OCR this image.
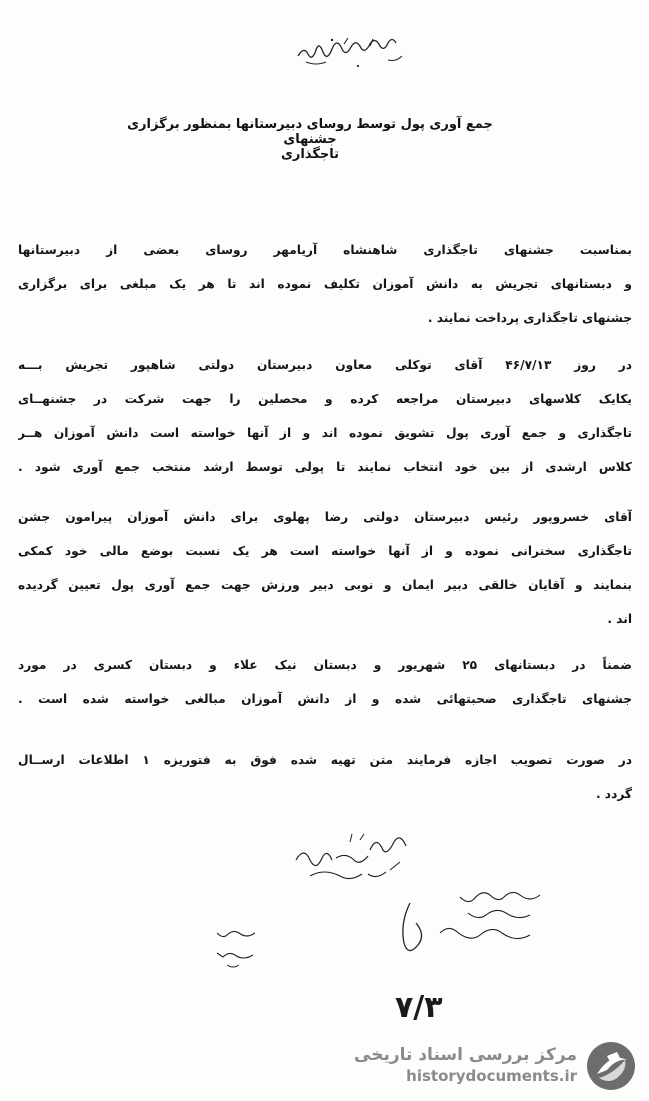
جمع آوری پول توسط روسای دبیرستانها بمنظور برگزاری جشنهای
تاجگذاری
بمناسبت جشنهای تاجگذاری شاهنشاه آریامهر روسای بعضی از دبیرستانها
و دبستانهای تجریش به دانش آموزان تکلیف نموده اند تا هر یک مبلغی برای برگزاری
جشنهای تاجگذاری پرداخت نمایند .
در روز ۴۶/۷/۱۳ آقای توکلی معاون دبیرستان دولتی شاهپور تجریش بـــه
یکایک کلاسهای دبیرستان مراجعه کرده و محصلین را جهت شرکت در جشنهــای
تاجگذاری و جمع آوری پول تشویق نموده اند و از آنها خواسته است دانش آموزان هــر
کلاس ارشدی از بین خود انتخاب نمایند تا پولی توسط ارشد منتخب جمع آوری شود .
آقای خسروپور رئیس دبیرستان دولتی رضا پهلوی برای دانش آموزان پیرامون جشن
تاجگذاری سخنرانی نموده و از آنها خواسته است هر یک نسبت بوضع مالی خود کمکی
بنمایند و آقایان خالقی دبیر ایمان و نوبی دبیر ورزش جهت جمع آوری پول تعیین گردیده
اند .
ضمناً در دبستانهای ۲۵ شهریور و دبستان نیک علاء و دبستان کسری در مورد
جشنهای تاجگذاری صحبتهائی شده و از دانش آموزان مبالغی خواسته شده است .
در صورت تصویب اجازه فرمایند متن تهیه شده فوق به فتوریزه ۱ اطلاعات ارســال
گردد .
۷/۳
مرکز بررسی اسناد تاریخی
historydocuments.ir
